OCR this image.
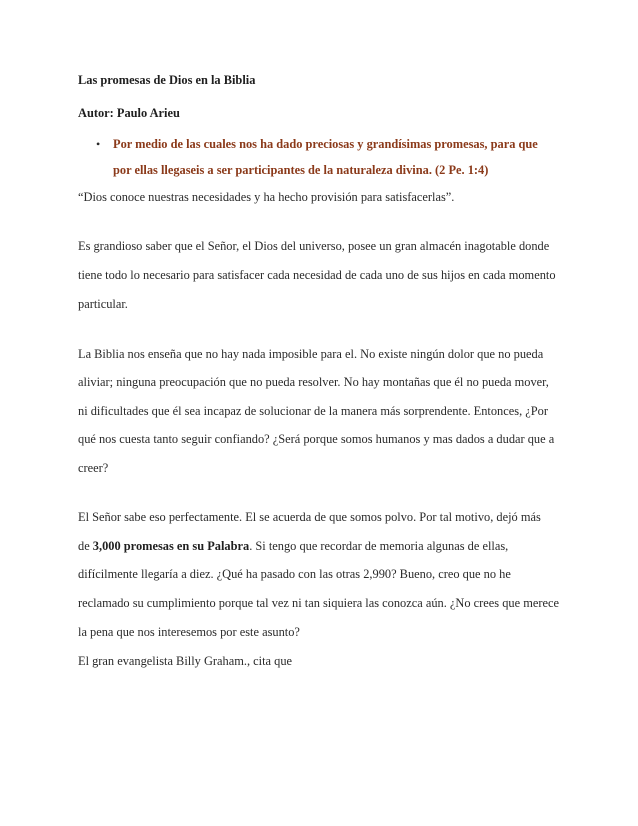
Las promesas de Dios en la Biblia
Autor: Paulo Arieu
• Por medio de las cuales nos ha dado preciosas y grandísimas promesas, para que
por ellas llegaseis a ser participantes de la naturaleza divina. (2 Pe. 1:4)
“Dios conoce nuestras necesidades y ha hecho provisión para satisfacerlas”.
Es grandioso saber que el Señor, el Dios del universo, posee un gran almacén inagotable donde
tiene todo lo necesario para satisfacer cada necesidad de cada uno de sus hijos en cada momento
particular.
La Biblia nos enseña que no hay nada imposible para el. No existe ningún dolor que no pueda
aliviar; ninguna preocupación que no pueda resolver. No hay montañas que él no pueda mover,
ni dificultades que él sea incapaz de solucionar de la manera más sorprendente. Entonces, ¿Por
qué nos cuesta tanto seguir confiando? ¿Será porque somos humanos y mas dados a dudar que a
creer?
El Señor sabe eso perfectamente. El se acuerda de que somos polvo. Por tal motivo, dejó más
de 3,000 promesas en su Palabra. Si tengo que recordar de memoria algunas de ellas,
difícilmente llegaría a diez. ¿Qué ha pasado con las otras 2,990? Bueno, creo que no he
reclamado su cumplimiento porque tal vez ni tan siquiera las conozca aún. ¿No crees que merece
la pena que nos interesemos por este asunto?
El gran evangelista Billy Graham., cita que
